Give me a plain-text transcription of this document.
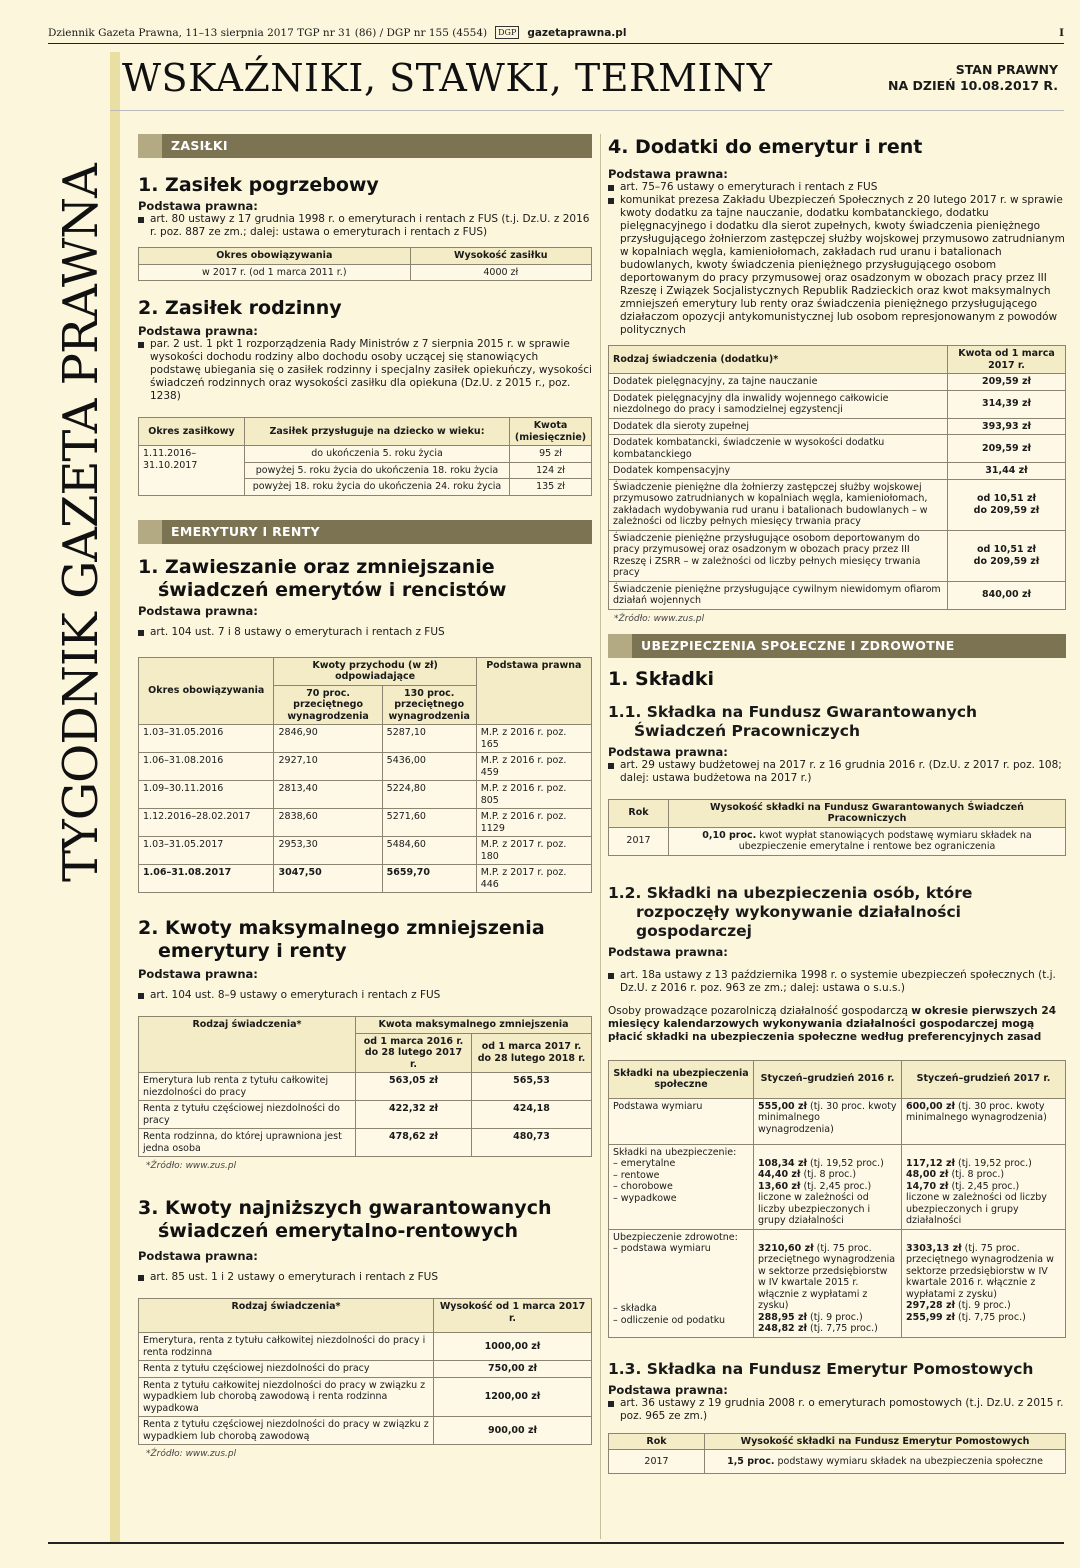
Dziennik Gazeta Prawna, 11–13 sierpnia 2017 TGP nr 31 (86) / DGP nr 155 (4554)	DGP gazetaprawna.pl	I
TYGODNIK GAZETA PRAWNA
WSKAŹNIKI, STAWKI, TERMINY	STAN PRAWNY
NA DZIEŃ 10.08.2017 R.
ZASIŁKI
1. Zasiłek pogrzebowy
Podstawa prawna:
art. 80 ustawy z 17 grudnia 1998 r. o emeryturach i rentach z FUS (t.j. Dz.U. z 2016 r. poz. 887 ze zm.; dalej: ustawa o emeryturach i rentach z FUS)
Okres obowiązywania	Wysokość zasiłku
w 2017 r. (od 1 marca 2011 r.)	4000 zł
2. Zasiłek rodzinny
Podstawa prawna:
par. 2 ust. 1 pkt 1 rozporządzenia Rady Ministrów z 7 sierpnia 2015 r. w sprawie wysokości dochodu rodziny albo dochodu osoby uczącej się stanowiących podstawę ubiegania się o zasiłek rodzinny i specjalny zasiłek opiekuńczy, wysokości świadczeń rodzinnych oraz wysokości zasiłku dla opiekuna (Dz.U. z 2015 r., poz. 1238)
Okres zasiłkowy	Zasiłek przysługuje na dziecko w wieku:	Kwota (miesięcznie)
1.11.2016–31.10.2017	do ukończenia 5. roku życia	95 zł
	powyżej 5. roku życia do ukończenia 18. roku życia	124 zł
	powyżej 18. roku życia do ukończenia 24. roku życia	135 zł
EMERYTURY I RENTY
1. Zawieszanie oraz zmniejszanie świadczeń emerytów i rencistów
Podstawa prawna:
art. 104 ust. 7 i 8 ustawy o emeryturach i rentach z FUS
Okres obowiązywania	Kwoty przychodu (w zł) odpowiadające		Podstawa prawna
	70 proc. przeciętnego wynagrodzenia	130 proc. przeciętnego wynagrodzenia	
1.03–31.05.2016	2846,90	5287,10	M.P. z 2016 r. poz. 165
1.06–31.08.2016	2927,10	5436,00	M.P. z 2016 r. poz. 459
1.09–30.11.2016	2813,40	5224,80	M.P. z 2016 r. poz. 805
1.12.2016–28.02.2017	2838,60	5271,60	M.P. z 2016 r. poz. 1129
1.03–31.05.2017	2953,30	5484,60	M.P. z 2017 r. poz. 180
1.06–31.08.2017	3047,50	5659,70	M.P. z 2017 r. poz. 446
2. Kwoty maksymalnego zmniejszenia emerytury i renty
Podstawa prawna:
art. 104 ust. 8–9 ustawy o emeryturach i rentach z FUS
Rodzaj świadczenia*	Kwota maksymalnego zmniejszenia	
	od 1 marca 2016 r. do 28 lutego 2017 r.	od 1 marca 2017 r. do 28 lutego 2018 r.
Emerytura lub renta z tytułu całkowitej niezdolności do pracy	563,05 zł	565,53
Renta z tytułu częściowej niezdolności do pracy	422,32 zł	424,18
Renta rodzinna, do której uprawniona jest jedna osoba	478,62 zł	480,73
*Źródło: www.zus.pl
3. Kwoty najniższych gwarantowanych świadczeń emerytalno-rentowych
Podstawa prawna:
art. 85 ust. 1 i 2 ustawy o emeryturach i rentach z FUS
Rodzaj świadczenia*	Wysokość od 1 marca 2017 r.
Emerytura, renta z tytułu całkowitej niezdolności do pracy i renta rodzinna	1000,00 zł
Renta z tytułu częściowej niezdolności do pracy	750,00 zł
Renta z tytułu całkowitej niezdolności do pracy w związku z wypadkiem lub chorobą zawodową i renta rodzinna wypadkowa	1200,00 zł
Renta z tytułu częściowej niezdolności do pracy w związku z wypadkiem lub chorobą zawodową	900,00 zł
*Źródło: www.zus.pl
4. Dodatki do emerytur i rent
Podstawa prawna:
art. 75–76 ustawy o emeryturach i rentach z FUS
komunikat prezesa Zakładu Ubezpieczeń Społecznych z 20 lutego 2017 r. w sprawie kwoty dodatku za tajne nauczanie, dodatku kombatanckiego, dodatku pielęgnacyjnego i dodatku dla sierot zupełnych, kwoty świadczenia pieniężnego przysługującego żołnierzom zastępczej służby wojskowej przymusowo zatrudnianym w kopalniach węgla, kamieniołomach, zakładach rud uranu i batalionach budowlanych, kwoty świadczenia pieniężnego przysługującego osobom deportowanym do pracy przymusowej oraz osadzonym w obozach pracy przez III Rzeszę i Związek Socjalistycznych Republik Radzieckich oraz kwot maksymalnych zmniejszeń emerytury lub renty oraz świadczenia pieniężnego przysługującego działaczom opozycji antykomunistycznej lub osobom represjonowanym z powodów politycznych
Rodzaj świadczenia (dodatku)*	Kwota od 1 marca 2017 r.
Dodatek pielęgnacyjny, za tajne nauczanie	209,59 zł

Dodatek pielęgnacyjny dla inwalidy wojennego całkowicie niezdolnego do pracy i samodzielnej egzystencji	314,39 zł

Dodatek dla sieroty zupełnej	393,93 zł

Dodatek kombatancki, świadczenie w wysokości dodatku kombatanckiego	209,59 zł

Dodatek kompensacyjny	31,44 zł

Świadczenie pieniężne dla żołnierzy zastępczej służby wojskowej przymusowo zatrudnianych w kopalniach węgla, kamieniołomach, zakładach wydobywania rud uranu i batalionach budowlanych – w zależności od liczby pełnych miesięcy trwania pracy	od 10,51 zł
do 209,59 zł

Świadczenie pieniężne przysługujące osobom deportowanym do pracy przymusowej oraz osadzonym w obozach pracy przez III Rzeszę i ZSRR – w zależności od liczby pełnych miesięcy trwania pracy	od 10,51 zł
do 209,59 zł

Świadczenie pieniężne przysługujące cywilnym niewidomym ofiarom działań wojennych	840,00 zł
*Źródło: www.zus.pl
UBEZPIECZENIA SPOŁECZNE I ZDROWOTNE
1. Składki
1.1. Składka na Fundusz Gwarantowanych Świadczeń Pracowniczych
Podstawa prawna:
art. 29 ustawy budżetowej na 2017 r. z 16 grudnia 2016 r. (Dz.U. z 2017 r. poz. 108; dalej: ustawa budżetowa na 2017 r.)
Rok	Wysokość składki na Fundusz Gwarantowanych Świadczeń Pracowniczych
2017	0,10 proc. kwot wypłat stanowiących podstawę wymiaru składek na ubezpieczenie emerytalne i rentowe bez ograniczenia
1.2. Składki na ubezpieczenia osób, które rozpoczęły wykonywanie działalności gospodarczej
Podstawa prawna:
art. 18a ustawy z 13 października 1998 r. o systemie ubezpieczeń społecznych (t.j. Dz.U. z 2016 r. poz. 963 ze zm.; dalej: ustawa o s.u.s.)
Osoby prowadzące pozarolniczą działalność gospodarczą w okresie pierwszych 24 miesięcy kalendarzowych wykonywania działalności gospodarczej mogą płacić składki na ubezpieczenia społeczne według preferencyjnych zasad
Składki na ubezpieczenia społeczne	Styczeń–grudzień 2016 r.	Styczeń–grudzień 2017 r.
Podstawa wymiaru	555,00 zł (tj. 30 proc. kwoty minimalnego wynagrodzenia)	600,00 zł (tj. 30 proc. kwoty minimalnego wynagrodzenia)

Składki na ubezpieczenie:
– emerytalne
– rentowe
– chorobowe
– wypadkowe	108,34 zł (tj. 19,52 proc.)
44,40 zł (tj. 8 proc.)
13,60 zł (tj. 2,45 proc.)
liczone w zależności od liczby ubezpieczonych i grupy działalności	117,12 zł (tj. 19,52 proc.)
48,00 zł (tj. 8 proc.)
14,70 zł (tj. 2,45 proc.)
liczone w zależności od liczby ubezpieczonych i grupy działalności

Ubezpieczenie zdrowotne:
– podstawa wymiaru
– składka
– odliczenie od podatku	3210,60 zł (tj. 75 proc. przeciętnego wynagrodzenia w sektorze przedsiębiorstw w IV kwartale 2015 r. włącznie z wypłatami z zysku)
288,95 zł (tj. 9 proc.)
248,82 zł (tj. 7,75 proc.)	3303,13 zł (tj. 75 proc. przeciętnego wynagrodzenia w sektorze przedsiębiorstw w IV kwartale 2016 r. włącznie z wypłatami z zysku)
297,28 zł (tj. 9 proc.)
255,99 zł (tj. 7,75 proc.)
1.3. Składka na Fundusz Emerytur Pomostowych
Podstawa prawna:
art. 36 ustawy z 19 grudnia 2008 r. o emeryturach pomostowych (t.j. Dz.U. z 2015 r. poz. 965 ze zm.)
Rok	Wysokość składki na Fundusz Emerytur Pomostowych
2017	1,5 proc. podstawy wymiaru składek na ubezpieczenia społeczne
